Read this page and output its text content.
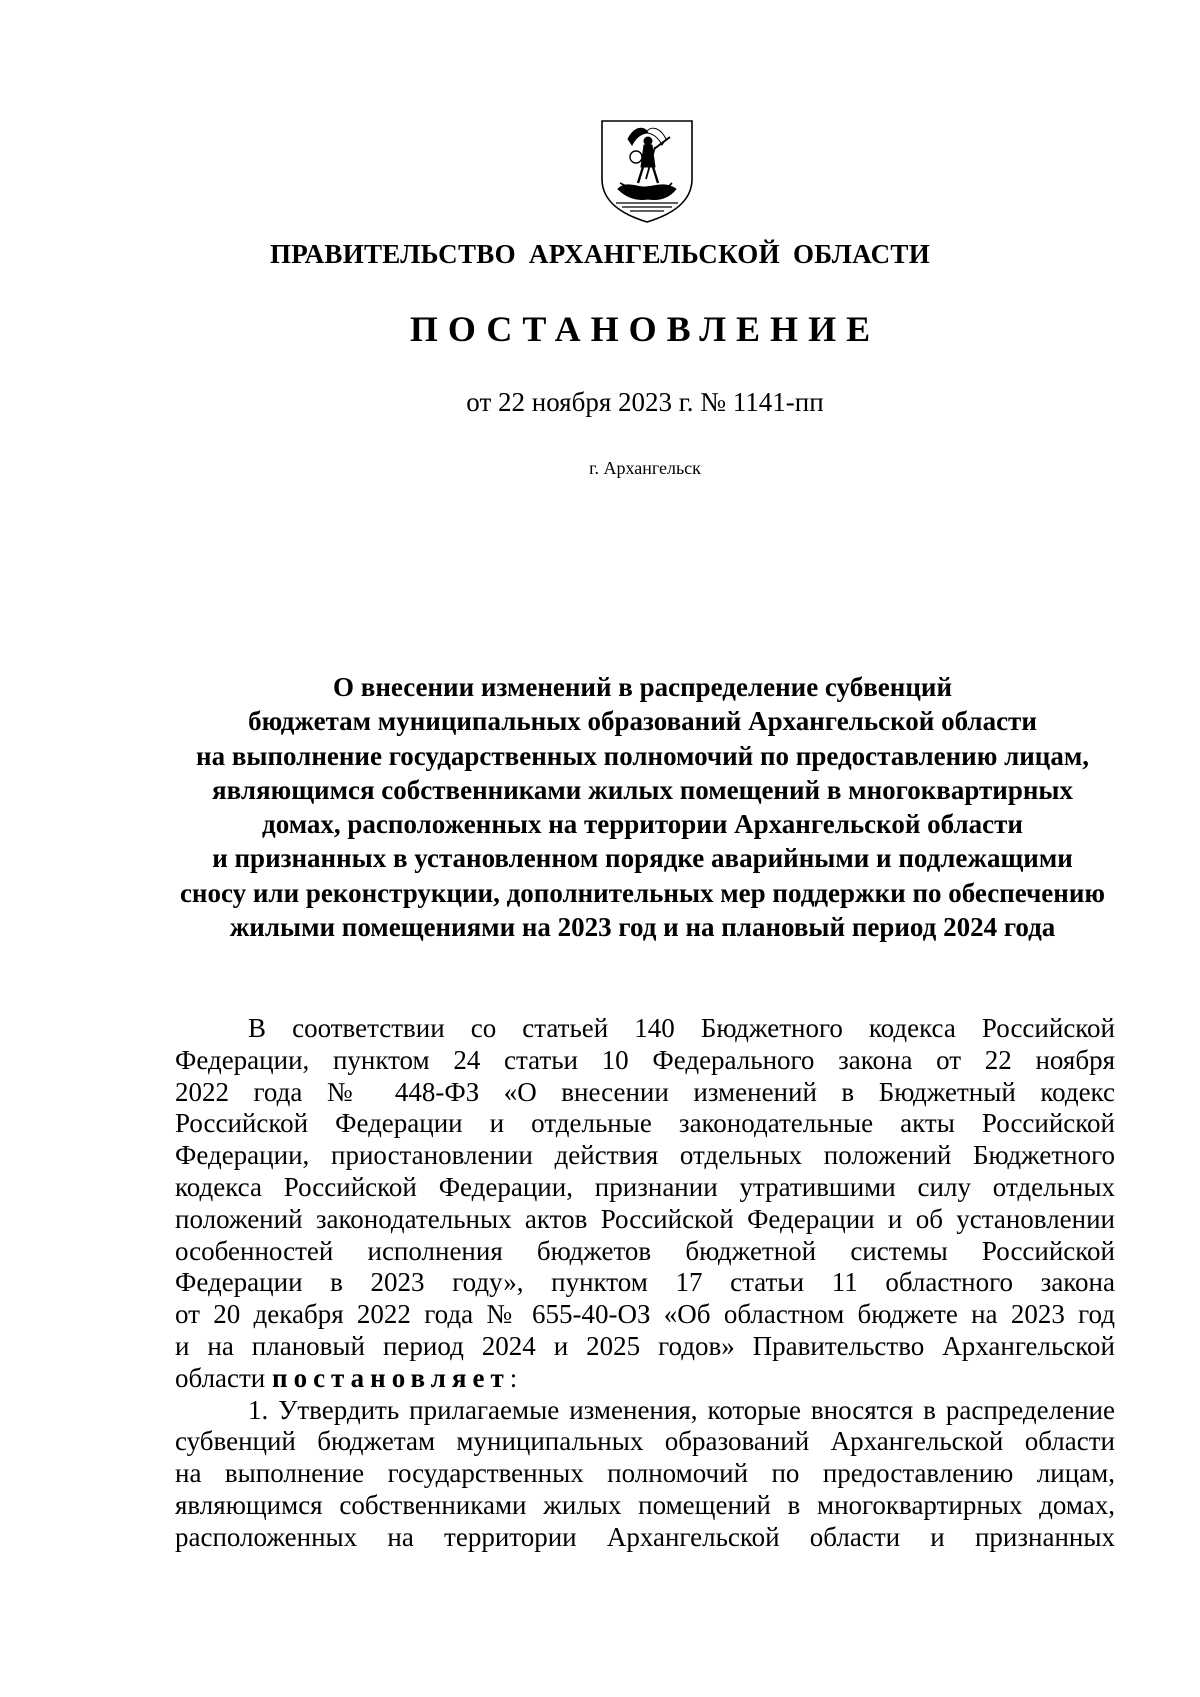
ПРАВИТЕЛЬСТВО АРХАНГЕЛЬСКОЙ ОБЛАСТИ
ПОСТАНОВЛЕНИЕ
от 22 ноября 2023 г. № 1141-пп
г. Архангельск
О внесении изменений в распределение субвенций
бюджетам муниципальных образований Архангельской области
на выполнение государственных полномочий по предоставлению лицам,
являющимся собственниками жилых помещений в многоквартирных
домах, расположенных на территории Архангельской области
и признанных в установленном порядке аварийными и подлежащими
сносу или реконструкции, дополнительных мер поддержки по обеспечению
жилыми помещениями на 2023 год и на плановый период 2024 года
В соответствии со статьей 140 Бюджетного кодекса Российской
Федерации, пунктом 24 статьи 10 Федерального закона от 22 ноября
2022 года № 448-ФЗ «О внесении изменений в Бюджетный кодекс
Российской Федерации и отдельные законодательные акты Российской
Федерации, приостановлении действия отдельных положений Бюджетного
кодекса Российской Федерации, признании утратившими силу отдельных
положений законодательных актов Российской Федерации и об установлении
особенностей исполнения бюджетов бюджетной системы Российской
Федерации в 2023 году», пунктом 17 статьи 11 областного закона
от 20 декабря 2022 года № 655-40-ОЗ «Об областном бюджете на 2023 год
и на плановый период 2024 и 2025 годов» Правительство Архангельской
области постановляет:
1. Утвердить прилагаемые изменения, которые вносятся в распределение
субвенций бюджетам муниципальных образований Архангельской области
на выполнение государственных полномочий по предоставлению лицам,
являющимся собственниками жилых помещений в многоквартирных домах,
расположенных на территории Архангельской области и признанных
